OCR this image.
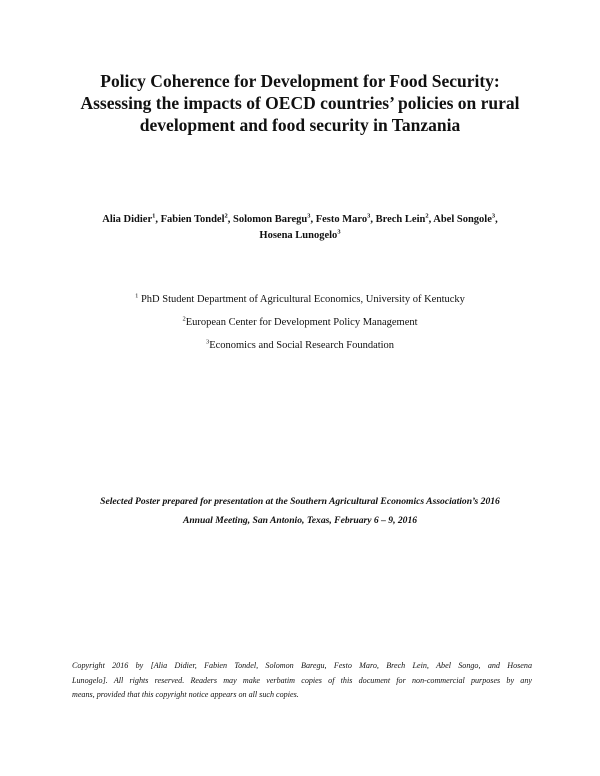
Policy Coherence for Development for Food Security:
Assessing the impacts of OECD countries’ policies on rural
development and food security in Tanzania
Alia Didier$^1$, Fabien Tondel$^2$, Solomon Baregu$^3$, Festo Maro$^3$, Brech Lein$^2$, Abel Songole$^3$,
Hosena Lunogelo$^3$
$^1$ PhD Student Department of Agricultural Economics, University of Kentucky
$^2$European Center for Development Policy Management
$^3$Economics and Social Research Foundation
Selected Poster prepared for presentation at the Southern Agricultural Economics Association’s 2016
Annual Meeting, San Antonio, Texas, February 6 – 9, 2016
Copyright 2016 by [Alia Didier, Fabien Tondel, Solomon Baregu, Festo Maro, Brech Lein, Abel Songo, and Hosena
Lunogelo]. All rights reserved. Readers may make verbatim copies of this document for non-commercial purposes by any
means, provided that this copyright notice appears on all such copies.
